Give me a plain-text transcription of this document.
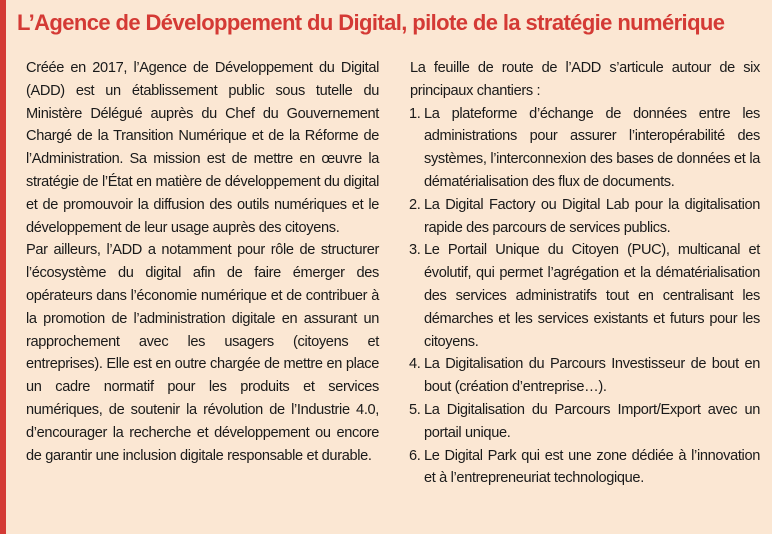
L’Agence de Développement du Digital, pilote de la stratégie numérique

Créée en 2017, l’Agence de Développement du Digital (ADD) est un établissement public sous tutelle du Ministère Délégué auprès du Chef du Gouvernement Chargé de la Transition Numérique et de la Réforme de l’Administration. Sa mission est de mettre en œuvre la stratégie de l’État en matière de développement du digital et de promouvoir la diffusion des outils numériques et le développement de leur usage auprès des citoyens.

Par ailleurs, l’ADD a notamment pour rôle de structurer l’écosystème du digital afin de faire émerger des opérateurs dans l’économie numérique et de contribuer à la promotion de l’administration digitale en assurant un rapprochement avec les usagers (citoyens et entreprises). Elle est en outre chargée de mettre en place un cadre normatif pour les produits et services numériques, de soutenir la révolution de l’Industrie 4.0, d’encourager la recherche et développement ou encore de garantir une inclusion digitale responsable et durable.

La feuille de route de l’ADD s’articule autour de six principaux chantiers :

1. La plateforme d’échange de données entre les administrations pour assurer l’interopérabilité des systèmes, l’interconnexion des bases de données et la dématérialisation des flux de documents.
2. La Digital Factory ou Digital Lab pour la digitalisation rapide des parcours de services publics.
3. Le Portail Unique du Citoyen (PUC), multicanal et évolutif, qui permet l’agrégation et la dématérialisation des services administratifs tout en centralisant les démarches et les services existants et futurs pour les citoyens.
4. La Digitalisation du Parcours Investisseur de bout en bout (création d’entreprise…).
5. La Digitalisation du Parcours Import/Export avec un portail unique.
6. Le Digital Park qui est une zone dédiée à l’innovation et à l’entrepreneuriat technologique.
